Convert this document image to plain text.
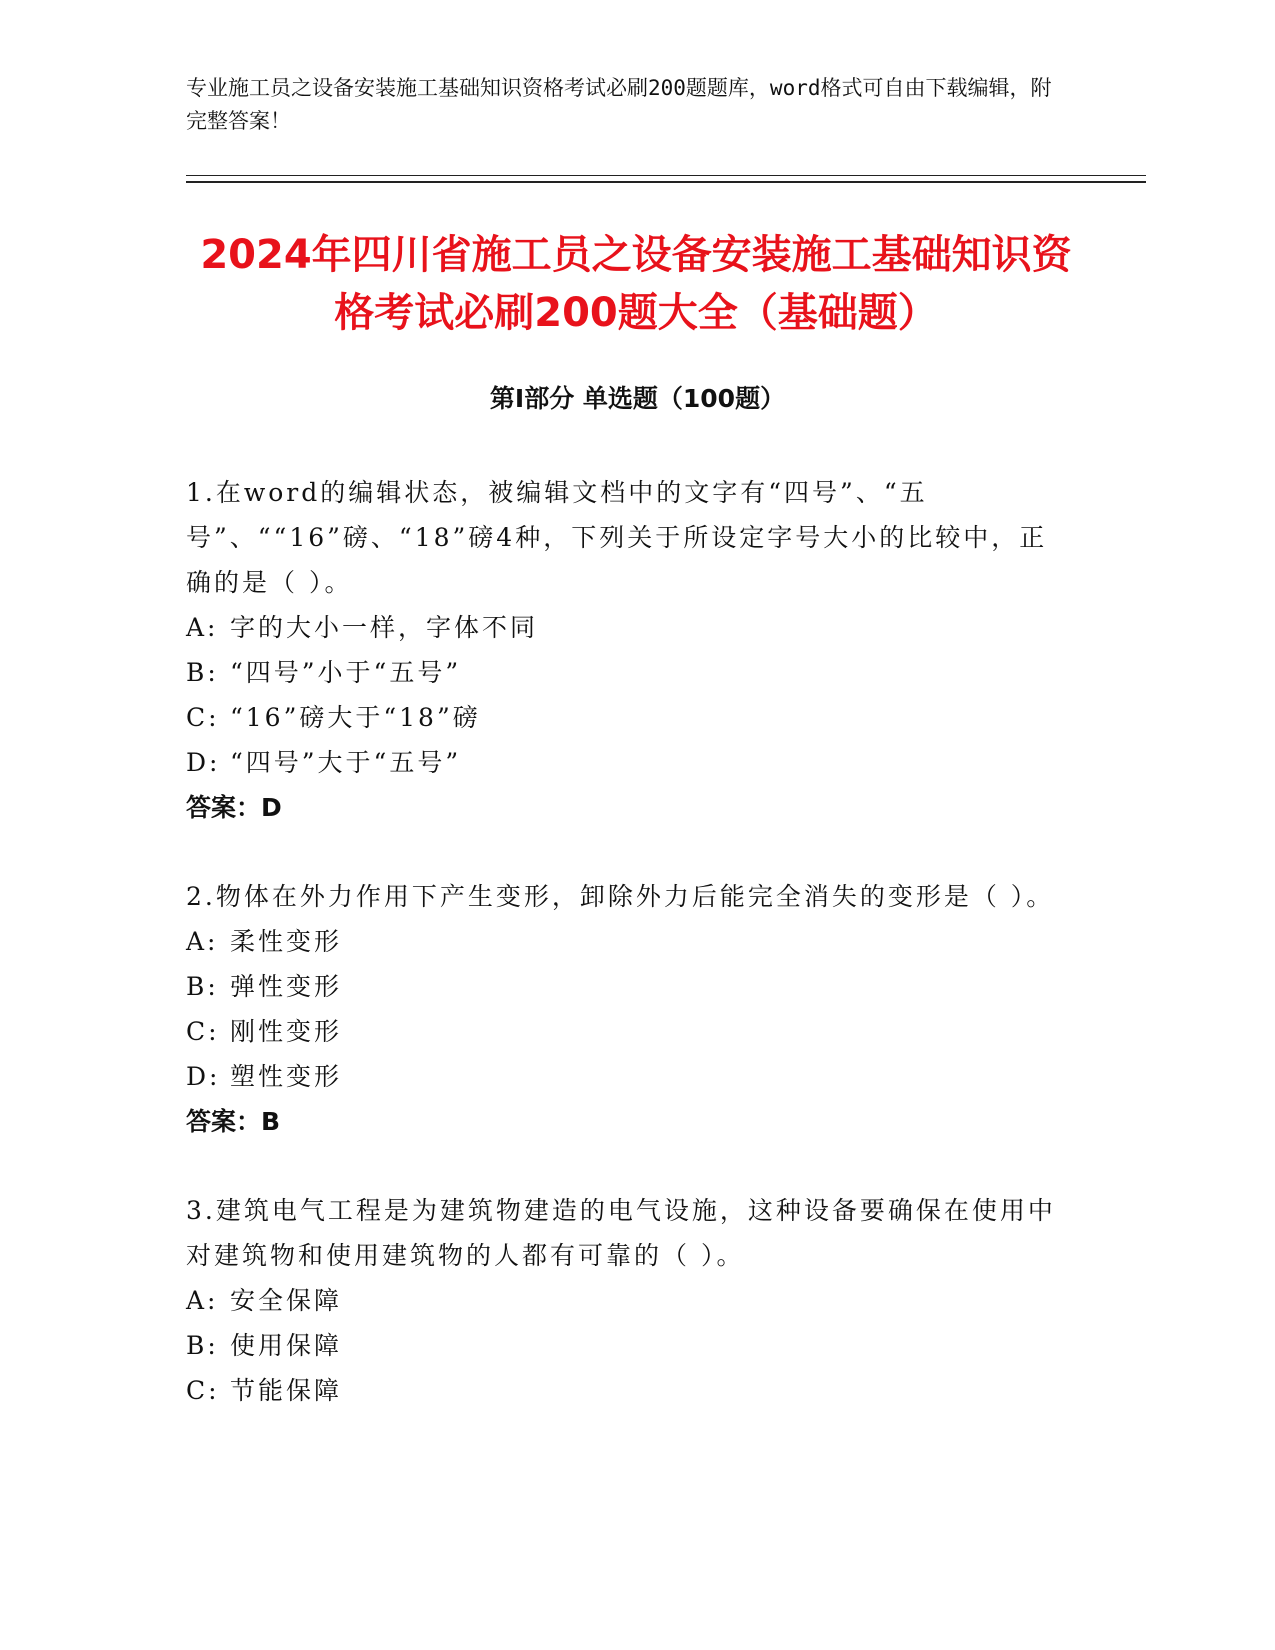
专业施工员之设备安装施工基础知识资格考试必刷200题题库，word格式可自由下载编辑，附完整答案！
2024年四川省施工员之设备安装施工基础知识资格考试必刷200题大全（基础题）
第I部分 单选题（100题）

1.在word的编辑状态，被编辑文档中的文字有“四号”、“五号”、““16”磅、“18”磅4种，下列关于所设定字号大小的比较中，正确的是（ ）。

A: 字的大小一样，字体不同

B: “四号”小于“五号”

C: “16”磅大于“18”磅

D: “四号”大于“五号”

答案：D

2.物体在外力作用下产生变形，卸除外力后能完全消失的变形是（ ）。

A: 柔性变形

B: 弹性变形

C: 刚性变形

D: 塑性变形

答案：B

3.建筑电气工程是为建筑物建造的电气设施，这种设备要确保在使用中对建筑物和使用建筑物的人都有可靠的（ ）。

A: 安全保障

B: 使用保障

C: 节能保障
